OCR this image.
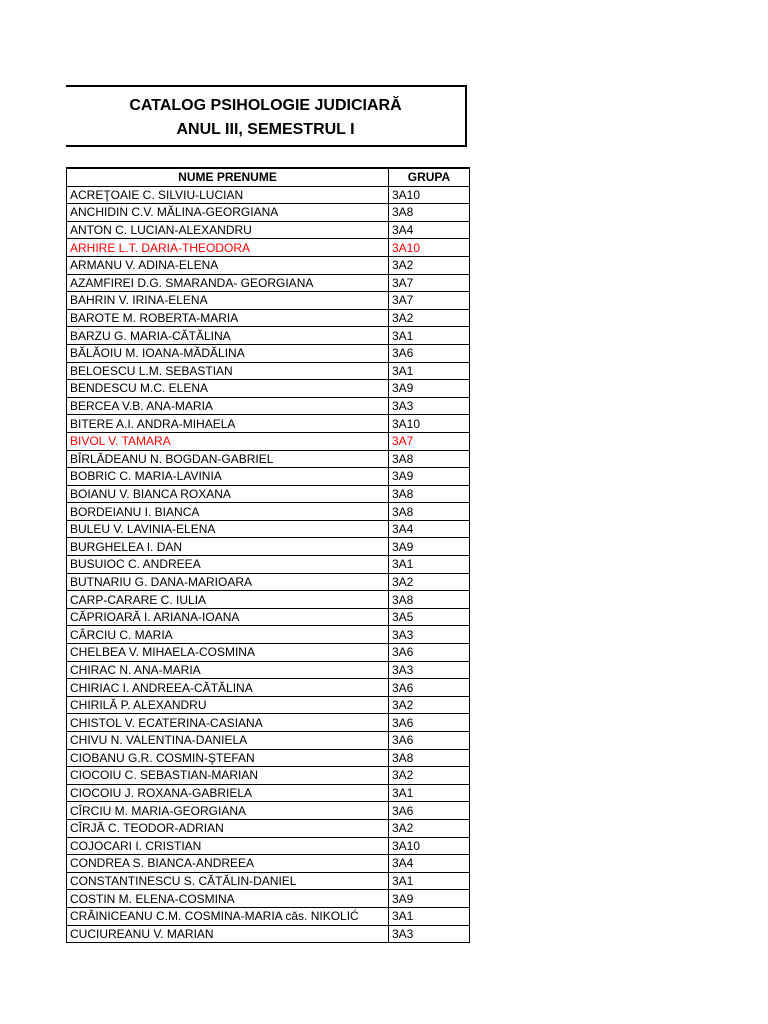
CATALOG PSIHOLOGIE JUDICIARĂ
ANUL III, SEMESTRUL I
NUME PRENUME	GRUPA
ACREŢOAIE C. SILVIU-LUCIAN	3A10
ANCHIDIN C.V. MĂLINA-GEORGIANA	3A8
ANTON C. LUCIAN-ALEXANDRU	3A4
ARHIRE L.T. DARIA-THEODORA	3A10
ARMANU V. ADINA-ELENA	3A2
AZAMFIREI D.G. SMARANDA- GEORGIANA	3A7
BAHRIN V. IRINA-ELENA	3A7
BAROTE M. ROBERTA-MARIA	3A2
BARZU G. MARIA-CĂTĂLINA	3A1
BĂLĂOIU M. IOANA-MĂDĂLINA	3A6
BELOESCU L.M. SEBASTIAN	3A1
BENDESCU M.C. ELENA	3A9
BERCEA V.B. ANA-MARIA	3A3
BITERE A.I. ANDRA-MIHAELA	3A10
BIVOL V. TAMARA	3A7
BÎRLĂDEANU N. BOGDAN-GABRIEL	3A8
BOBRIC C. MARIA-LAVINIA	3A9
BOIANU V. BIANCA ROXANA	3A8
BORDEIANU I. BIANCA	3A8
BULEU V. LAVINIA-ELENA	3A4
BURGHELEA I. DAN	3A9
BUSUIOC C. ANDREEA	3A1
BUTNARIU G. DANA-MARIOARA	3A2
CARP-CARARE C. IULIA	3A8
CĂPRIOARĂ I. ARIANA-IOANA	3A5
CÂRCIU C. MARIA	3A3
CHELBEA V. MIHAELA-COSMINA	3A6
CHIRAC N. ANA-MARIA	3A3
CHIRIAC I. ANDREEA-CĂTĂLINA	3A6
CHIRILĂ P. ALEXANDRU	3A2
CHISTOL V. ECATERINA-CASIANA	3A6
CHIVU N. VALENTINA-DANIELA	3A6
CIOBANU G.R. COSMIN-ŞTEFAN	3A8
CIOCOIU C. SEBASTIAN-MARIAN	3A2
CIOCOIU J. ROXANA-GABRIELA	3A1
CÎRCIU M. MARIA-GEORGIANA	3A6
CÎRJĂ C. TEODOR-ADRIAN	3A2
COJOCARI I. CRISTIAN	3A10
CONDREA S. BIANCA-ANDREEA	3A4
CONSTANTINESCU S. CĂTĂLIN-DANIEL	3A1
COSTIN M. ELENA-COSMINA	3A9
CRĂINICEANU C.M. COSMINA-MARIA căs. NIKOLIĆ	3A1
CUCIUREANU V. MARIAN	3A3
